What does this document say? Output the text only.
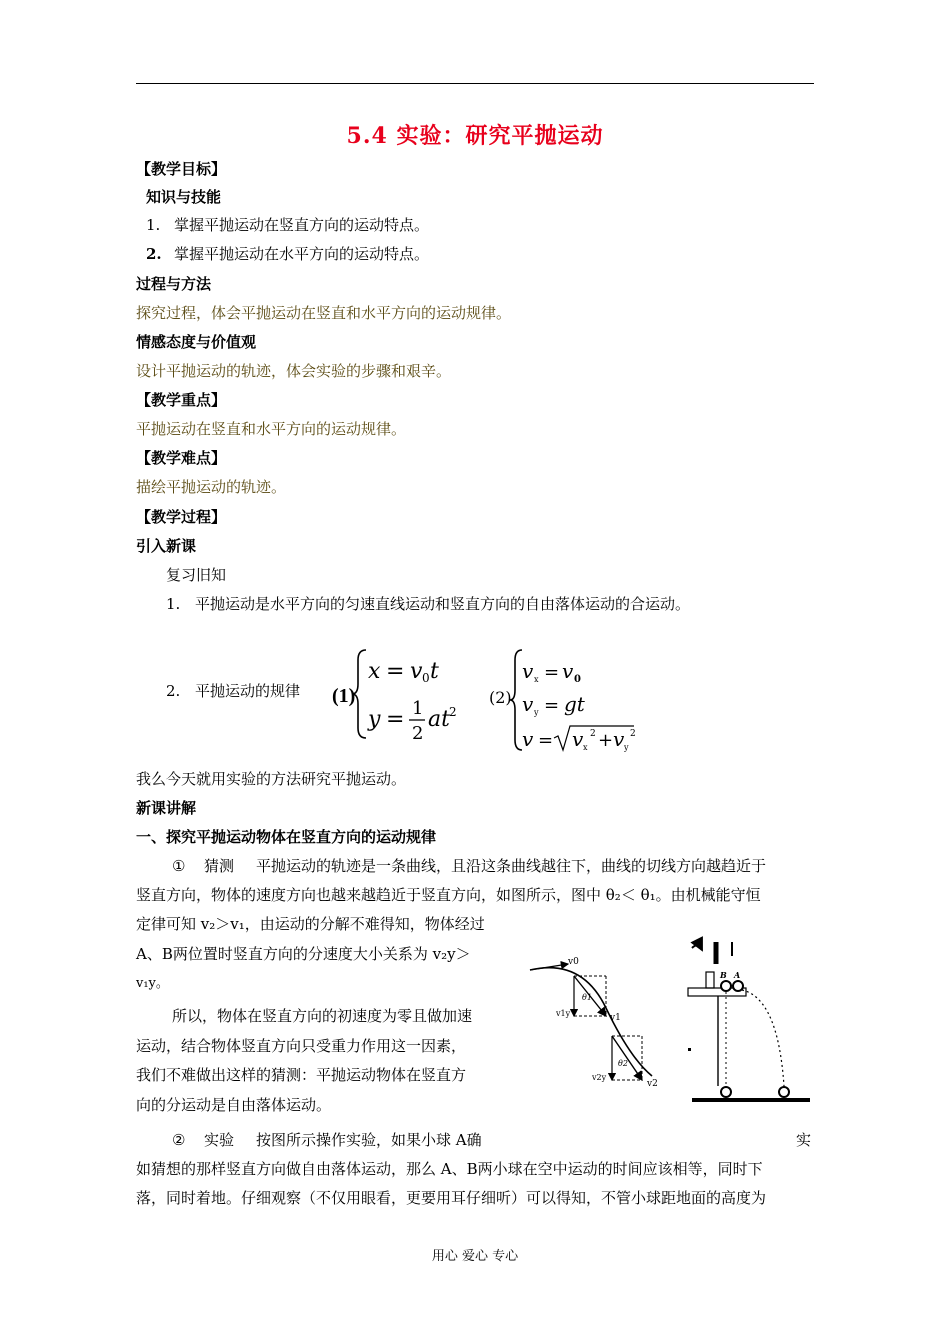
5.4 实验：研究平抛运动
【教学目标】
知识与技能
1. 掌握平抛运动在竖直方向的运动特点。
2. 掌握平抛运动在水平方向的运动特点。
过程与方法
探究过程，体会平抛运动在竖直和水平方向的运动规律。
情感态度与价值观
设计平抛运动的轨迹，体会实验的步骤和艰辛。
【教学重点】
平抛运动在竖直和水平方向的运动规律。
【教学难点】
描绘平抛运动的轨迹。
【教学过程】
引入新课
复习旧知
1. 平抛运动是水平方向的匀速直线运动和竖直方向的自由落体运动的合运动。
2. 平抛运动的规律 (1)
x = v 0 t
y = 1
2
at 2
(2)
v x = v 0
v y = gt
v = v x
2 + v y
2
我么今天就用实验的方法研究平抛运动。
新课讲解
一、探究平抛运动物体在竖直方向的运动规律
① 猜测 平抛运动的轨迹是一条曲线，且沿这条曲线越往下，曲线的切线方向越趋近于
竖直方向，物体的速度方向也越来越趋近于竖直方向，如图所示，图中 θ₂＜ θ₁。由机械能守恒
定律可知 v₂＞v₁，由运动的分解不难得知，物体经过
A、B两位置时竖直方向的分速度大小关系为 v₂y＞
v₁y。
所以，物体在竖直方向的初速度为零且做加速
运动，结合物体竖直方向只受重力作用这一因素，
我们不难做出这样的猜测：平抛运动物体在竖直方
向的分运动是自由落体运动。
v0
v1
v1y
θ1
v2
v2y
θ2
B A
② 实验 按图所示操作实验，如果小球 A确	实
如猜想的那样竖直方向做自由落体运动，那么 A、B两小球在空中运动的时间应该相等，同时下
落，同时着地。仔细观察（不仅用眼看，更要用耳仔细听）可以得知，不管小球距地面的高度为
用心 爱心 专心
